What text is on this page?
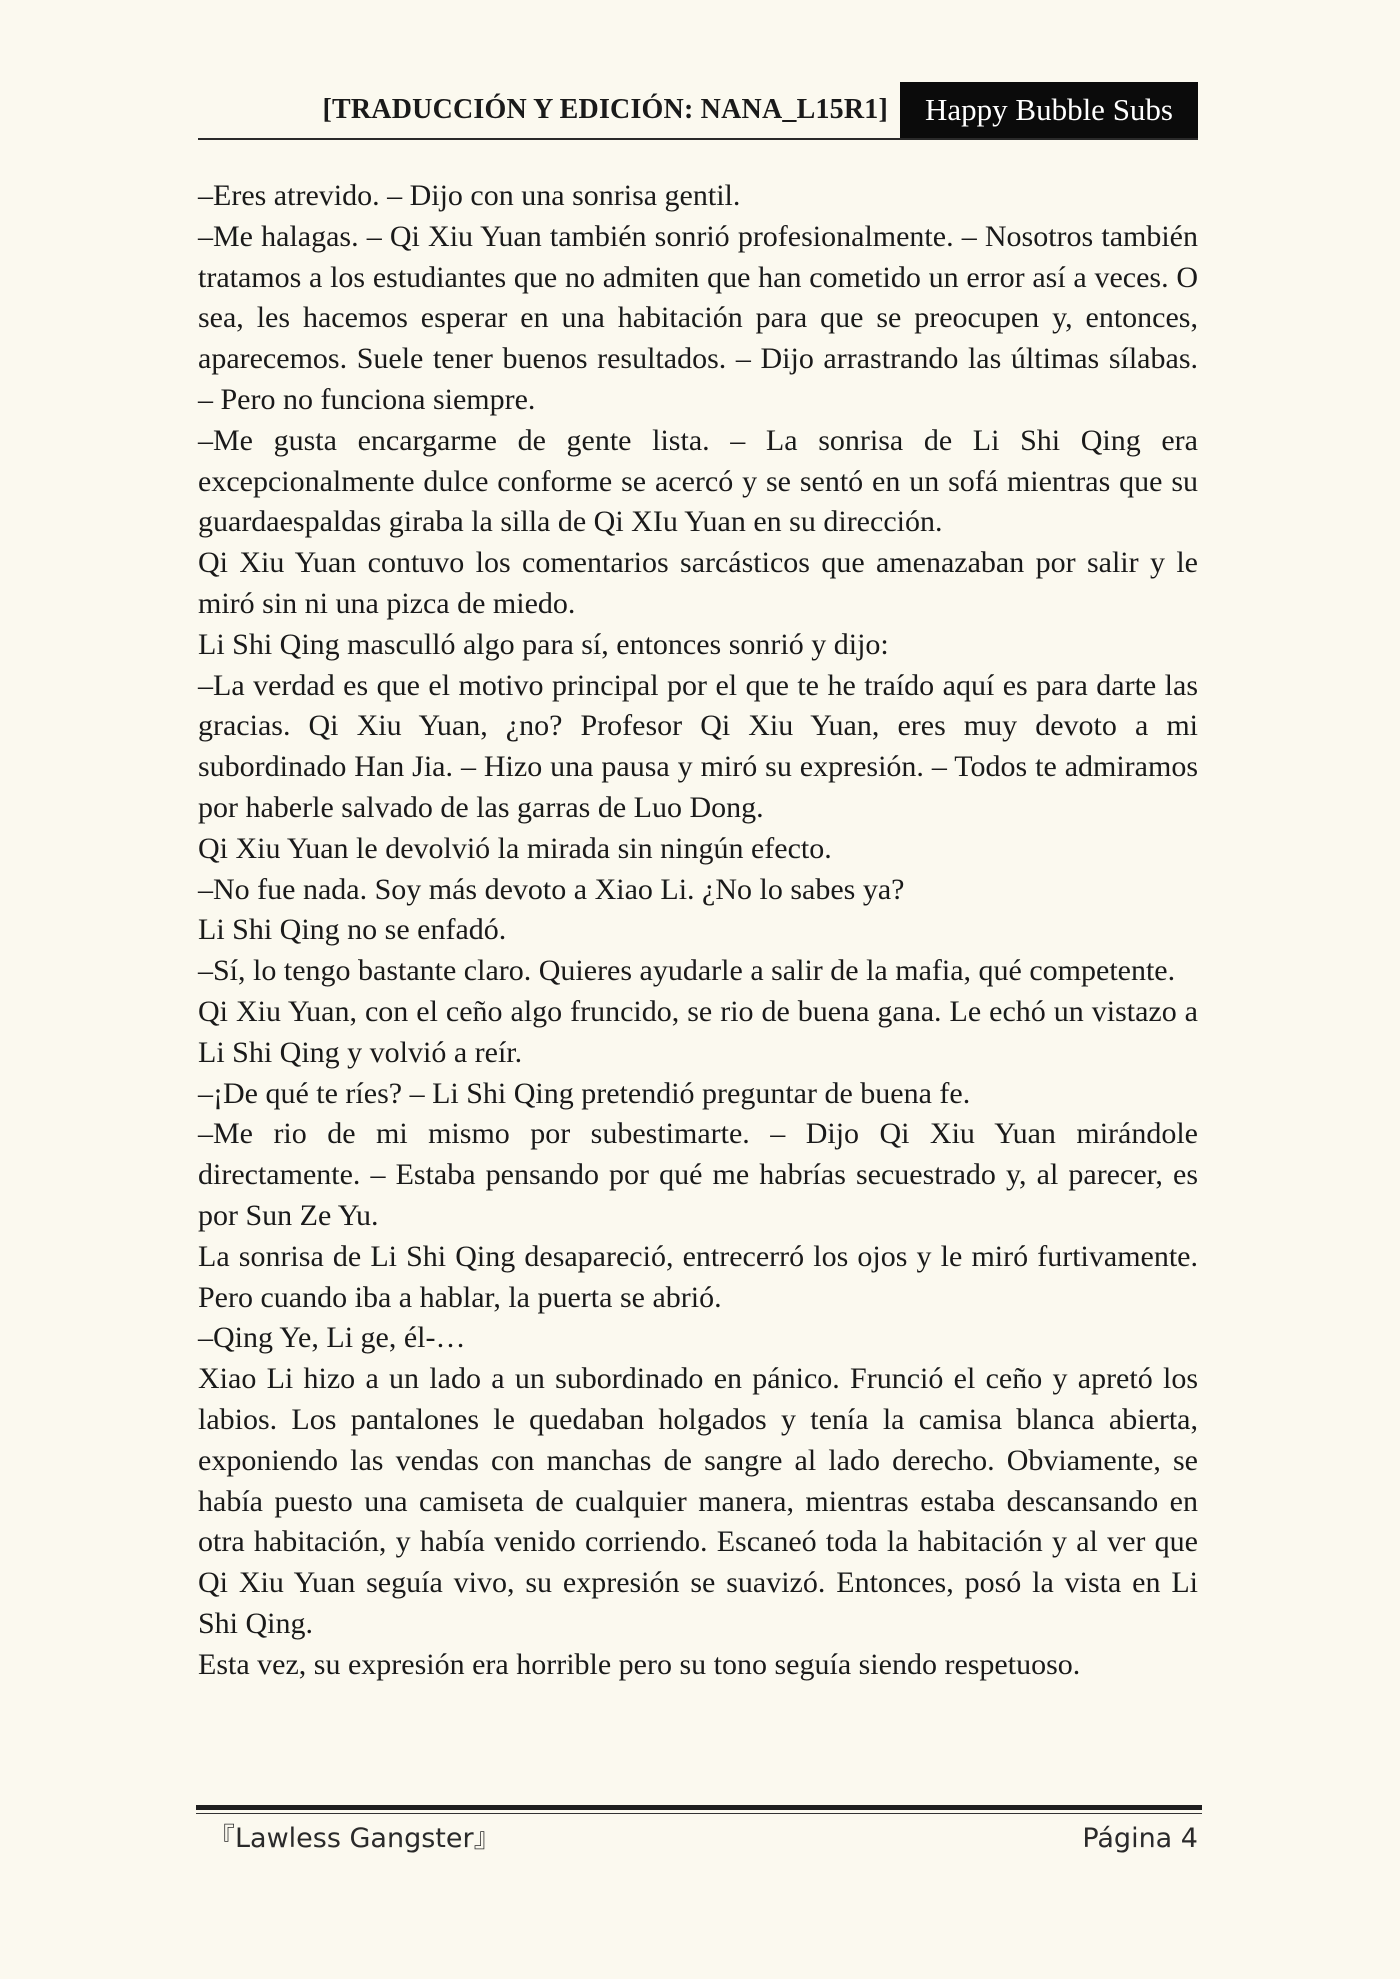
[TRADUCCIÓN Y EDICIÓN: NANA_L15R1]	Happy Bubble Subs

–Eres atrevido. – Dijo con una sonrisa gentil.

–Me halagas. – Qi Xiu Yuan también sonrió profesionalmente. – Nosotros también tratamos a los estudiantes que no admiten que han cometido un error así a veces. O sea, les hacemos esperar en una habitación para que se preocupen y, entonces, aparecemos. Suele tener buenos resultados. – Dijo arrastrando las últimas sílabas. – Pero no funciona siempre.

–Me gusta encargarme de gente lista. – La sonrisa de Li Shi Qing era excepcionalmente dulce conforme se acercó y se sentó en un sofá mientras que su guardaespaldas giraba la silla de Qi XIu Yuan en su dirección.

Qi Xiu Yuan contuvo los comentarios sarcásticos que amenazaban por salir y le miró sin ni una pizca de miedo.

Li Shi Qing masculló algo para sí, entonces sonrió y dijo:

–La verdad es que el motivo principal por el que te he traído aquí es para darte las gracias. Qi Xiu Yuan, ¿no? Profesor Qi Xiu Yuan, eres muy devoto a mi subordinado Han Jia. – Hizo una pausa y miró su expresión. – Todos te admiramos por haberle salvado de las garras de Luo Dong.

Qi Xiu Yuan le devolvió la mirada sin ningún efecto.

–No fue nada. Soy más devoto a Xiao Li. ¿No lo sabes ya?

Li Shi Qing no se enfadó.

–Sí, lo tengo bastante claro. Quieres ayudarle a salir de la mafia, qué competente.

Qi Xiu Yuan, con el ceño algo fruncido, se rio de buena gana. Le echó un vistazo a Li Shi Qing y volvió a reír.

–¡De qué te ríes? – Li Shi Qing pretendió preguntar de buena fe.

–Me rio de mi mismo por subestimarte. – Dijo Qi Xiu Yuan mirándole directamente. – Estaba pensando por qué me habrías secuestrado y, al parecer, es por Sun Ze Yu.

La sonrisa de Li Shi Qing desapareció, entrecerró los ojos y le miró furtivamente. Pero cuando iba a hablar, la puerta se abrió.

–Qing Ye, Li ge, él-…

Xiao Li hizo a un lado a un subordinado en pánico. Frunció el ceño y apretó los labios. Los pantalones le quedaban holgados y tenía la camisa blanca abierta, exponiendo las vendas con manchas de sangre al lado derecho. Obviamente, se había puesto una camiseta de cualquier manera, mientras estaba descansando en otra habitación, y había venido corriendo. Escaneó toda la habitación y al ver que Qi Xiu Yuan seguía vivo, su expresión se suavizó. Entonces, posó la vista en Li Shi Qing.

Esta vez, su expresión era horrible pero su tono seguía siendo respetuoso.

『Lawless Gangster』	Página 4
